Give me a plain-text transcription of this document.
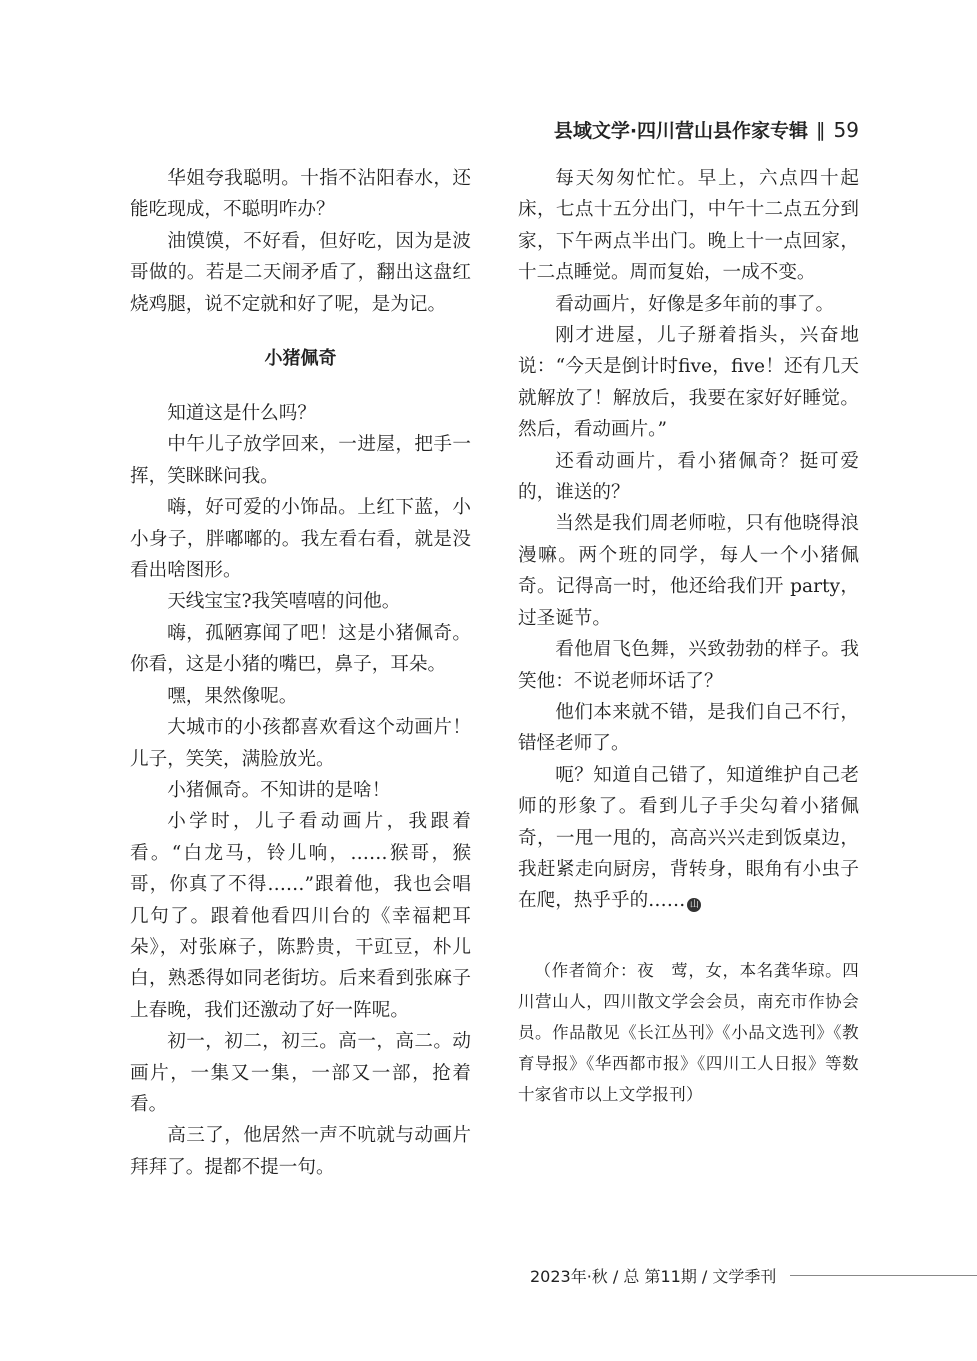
县域文学·四川营山县作家专辑 ‖ 59

华姐夸我聪明。十指不沾阳春水，还能吃现成，不聪明咋办？

油馍馍，不好看，但好吃，因为是波哥做的。若是二天闹矛盾了，翻出这盘红烧鸡腿，说不定就和好了呢，是为记。

小猪佩奇

知道这是什么吗？

中午儿子放学回来，一进屋，把手一挥，笑眯眯问我。

嗨，好可爱的小饰品。上红下蓝，小小身子，胖嘟嘟的。我左看右看，就是没看出啥图形。

天线宝宝?我笑嘻嘻的问他。

嗨，孤陋寡闻了吧！这是小猪佩奇。你看，这是小猪的嘴巴，鼻子，耳朵。

嘿，果然像呢。

大城市的小孩都喜欢看这个动画片！儿子，笑笑，满脸放光。

小猪佩奇。不知讲的是啥！

小学时，儿子看动画片，我跟着看。“白龙马，铃儿响，……猴哥，猴哥，你真了不得……”跟着他，我也会唱几句了。跟着他看四川台的《幸福耙耳朵》，对张麻子，陈黔贵，干豇豆，朴儿白，熟悉得如同老街坊。后来看到张麻子上春晚，我们还激动了好一阵呢。

初一，初二，初三。高一，高二。动画片，一集又一集，一部又一部，抢着看。

高三了，他居然一声不吭就与动画片拜拜了。提都不提一句。

每天匆匆忙忙。早上，六点四十起床，七点十五分出门，中午十二点五分到家，下午两点半出门。晚上十一点回家，十二点睡觉。周而复始，一成不变。

看动画片，好像是多年前的事了。

刚才进屋，儿子掰着指头，兴奋地说：“今天是倒计时five，five！还有几天就解放了！解放后，我要在家好好睡觉。然后，看动画片。”

还看动画片，看小猪佩奇？挺可爱的，谁送的？

当然是我们周老师啦，只有他晓得浪漫嘛。两个班的同学，每人一个小猪佩奇。记得高一时，他还给我们开 party，过圣诞节。

看他眉飞色舞，兴致勃勃的样子。我笑他：不说老师坏话了？

他们本来就不错，是我们自己不行，错怪老师了。

呃？知道自己错了，知道维护自己老师的形象了。看到儿子手尖勾着小猪佩奇，一甩一甩的，高高兴兴走到饭桌边，我赶紧走向厨房，背转身，眼角有小虫子在爬，热乎乎的…… 山

（作者简介：夜　莺，女，本名龚华琼。四川营山人，四川散文学会会员，南充市作协会员。作品散见《长江丛刊》《小品文选刊》《教育导报》《华西都市报》《四川工人日报》等数十家省市以上文学报刊）

2023年·秋 / 总 第11期 / 文学季刊
